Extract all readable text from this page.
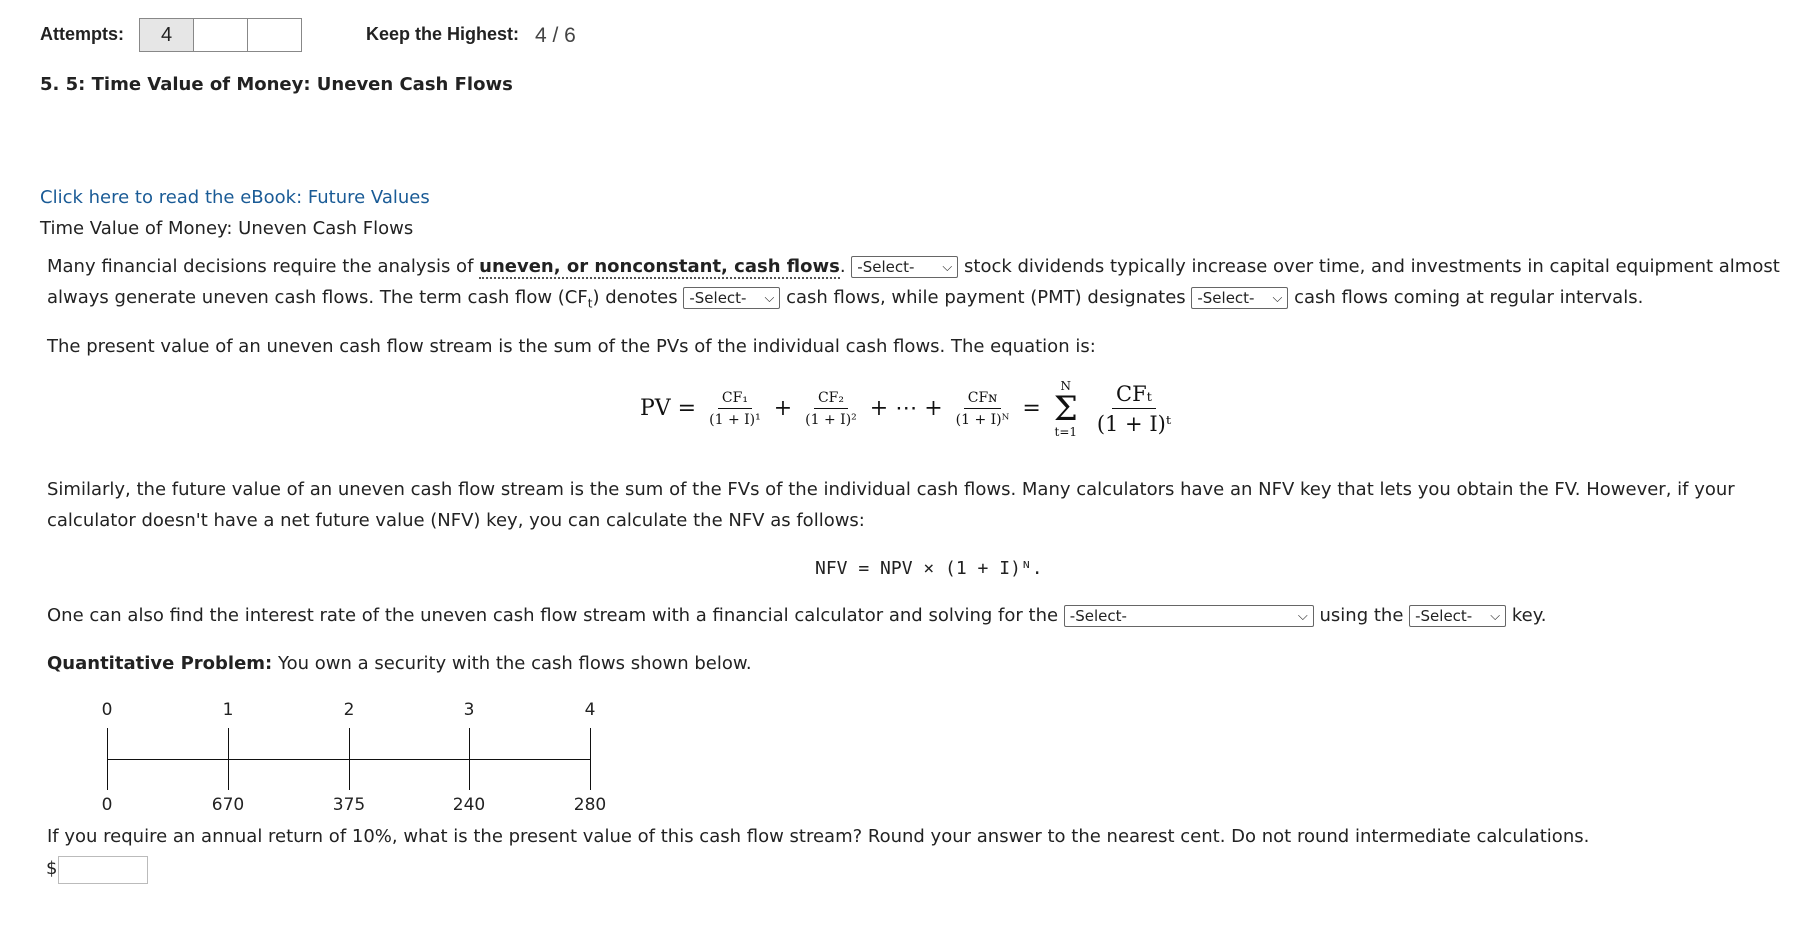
Attempts:	4	Keep the Highest: 4 / 6
5. 5: Time Value of Money: Uneven Cash Flows
Click here to read the eBook: Future Values
Time Value of Money: Uneven Cash Flows
Many financial decisions require the analysis of uneven, or nonconstant, cash flows. -Select- ⌵ stock dividends typically increase over time, and investments in capital equipment almost always generate uneven cash flows. The term cash flow $(CF_t)$ denotes -Select- ⌵ cash flows, while payment (PMT) designates -Select- ⌵ cash flows coming at regular intervals.
The present value of an uneven cash flow stream is the sum of the PVs of the individual cash flows. The equation is:
PV = $\frac{\text{CF₁}}{\text{(1 + I)¹}} + \frac{\text{CF₂}}{\text{(1 + I)²}}$ + ⋯ + $\frac{\text{CFɴ}}{\text{(1 + I)ᴺ}}$ =
N
Σ
t=1
$\frac{\text{CFₜ}}{\text{(1 + I)ᵗ}}$
Similarly, the future value of an uneven cash flow stream is the sum of the FVs of the individual cash flows. Many calculators have an NFV key that lets you obtain the FV. However, if your calculator doesn't have a net future value (NFV) key, you can calculate the NFV as follows:
NFV = NPV × (1 + I)ᴺ.
One can also find the interest rate of the uneven cash flow stream with a financial calculator and solving for the -Select-	⌵ using the -Select- ⌵ key.
Quantitative Problem: You own a security with the cash flows shown below.
0	1	2	3	4
0	670	375	240	280
If you require an annual return of 10%, what is the present value of this cash flow stream? Round your answer to the nearest cent. Do not round intermediate calculations.
$
